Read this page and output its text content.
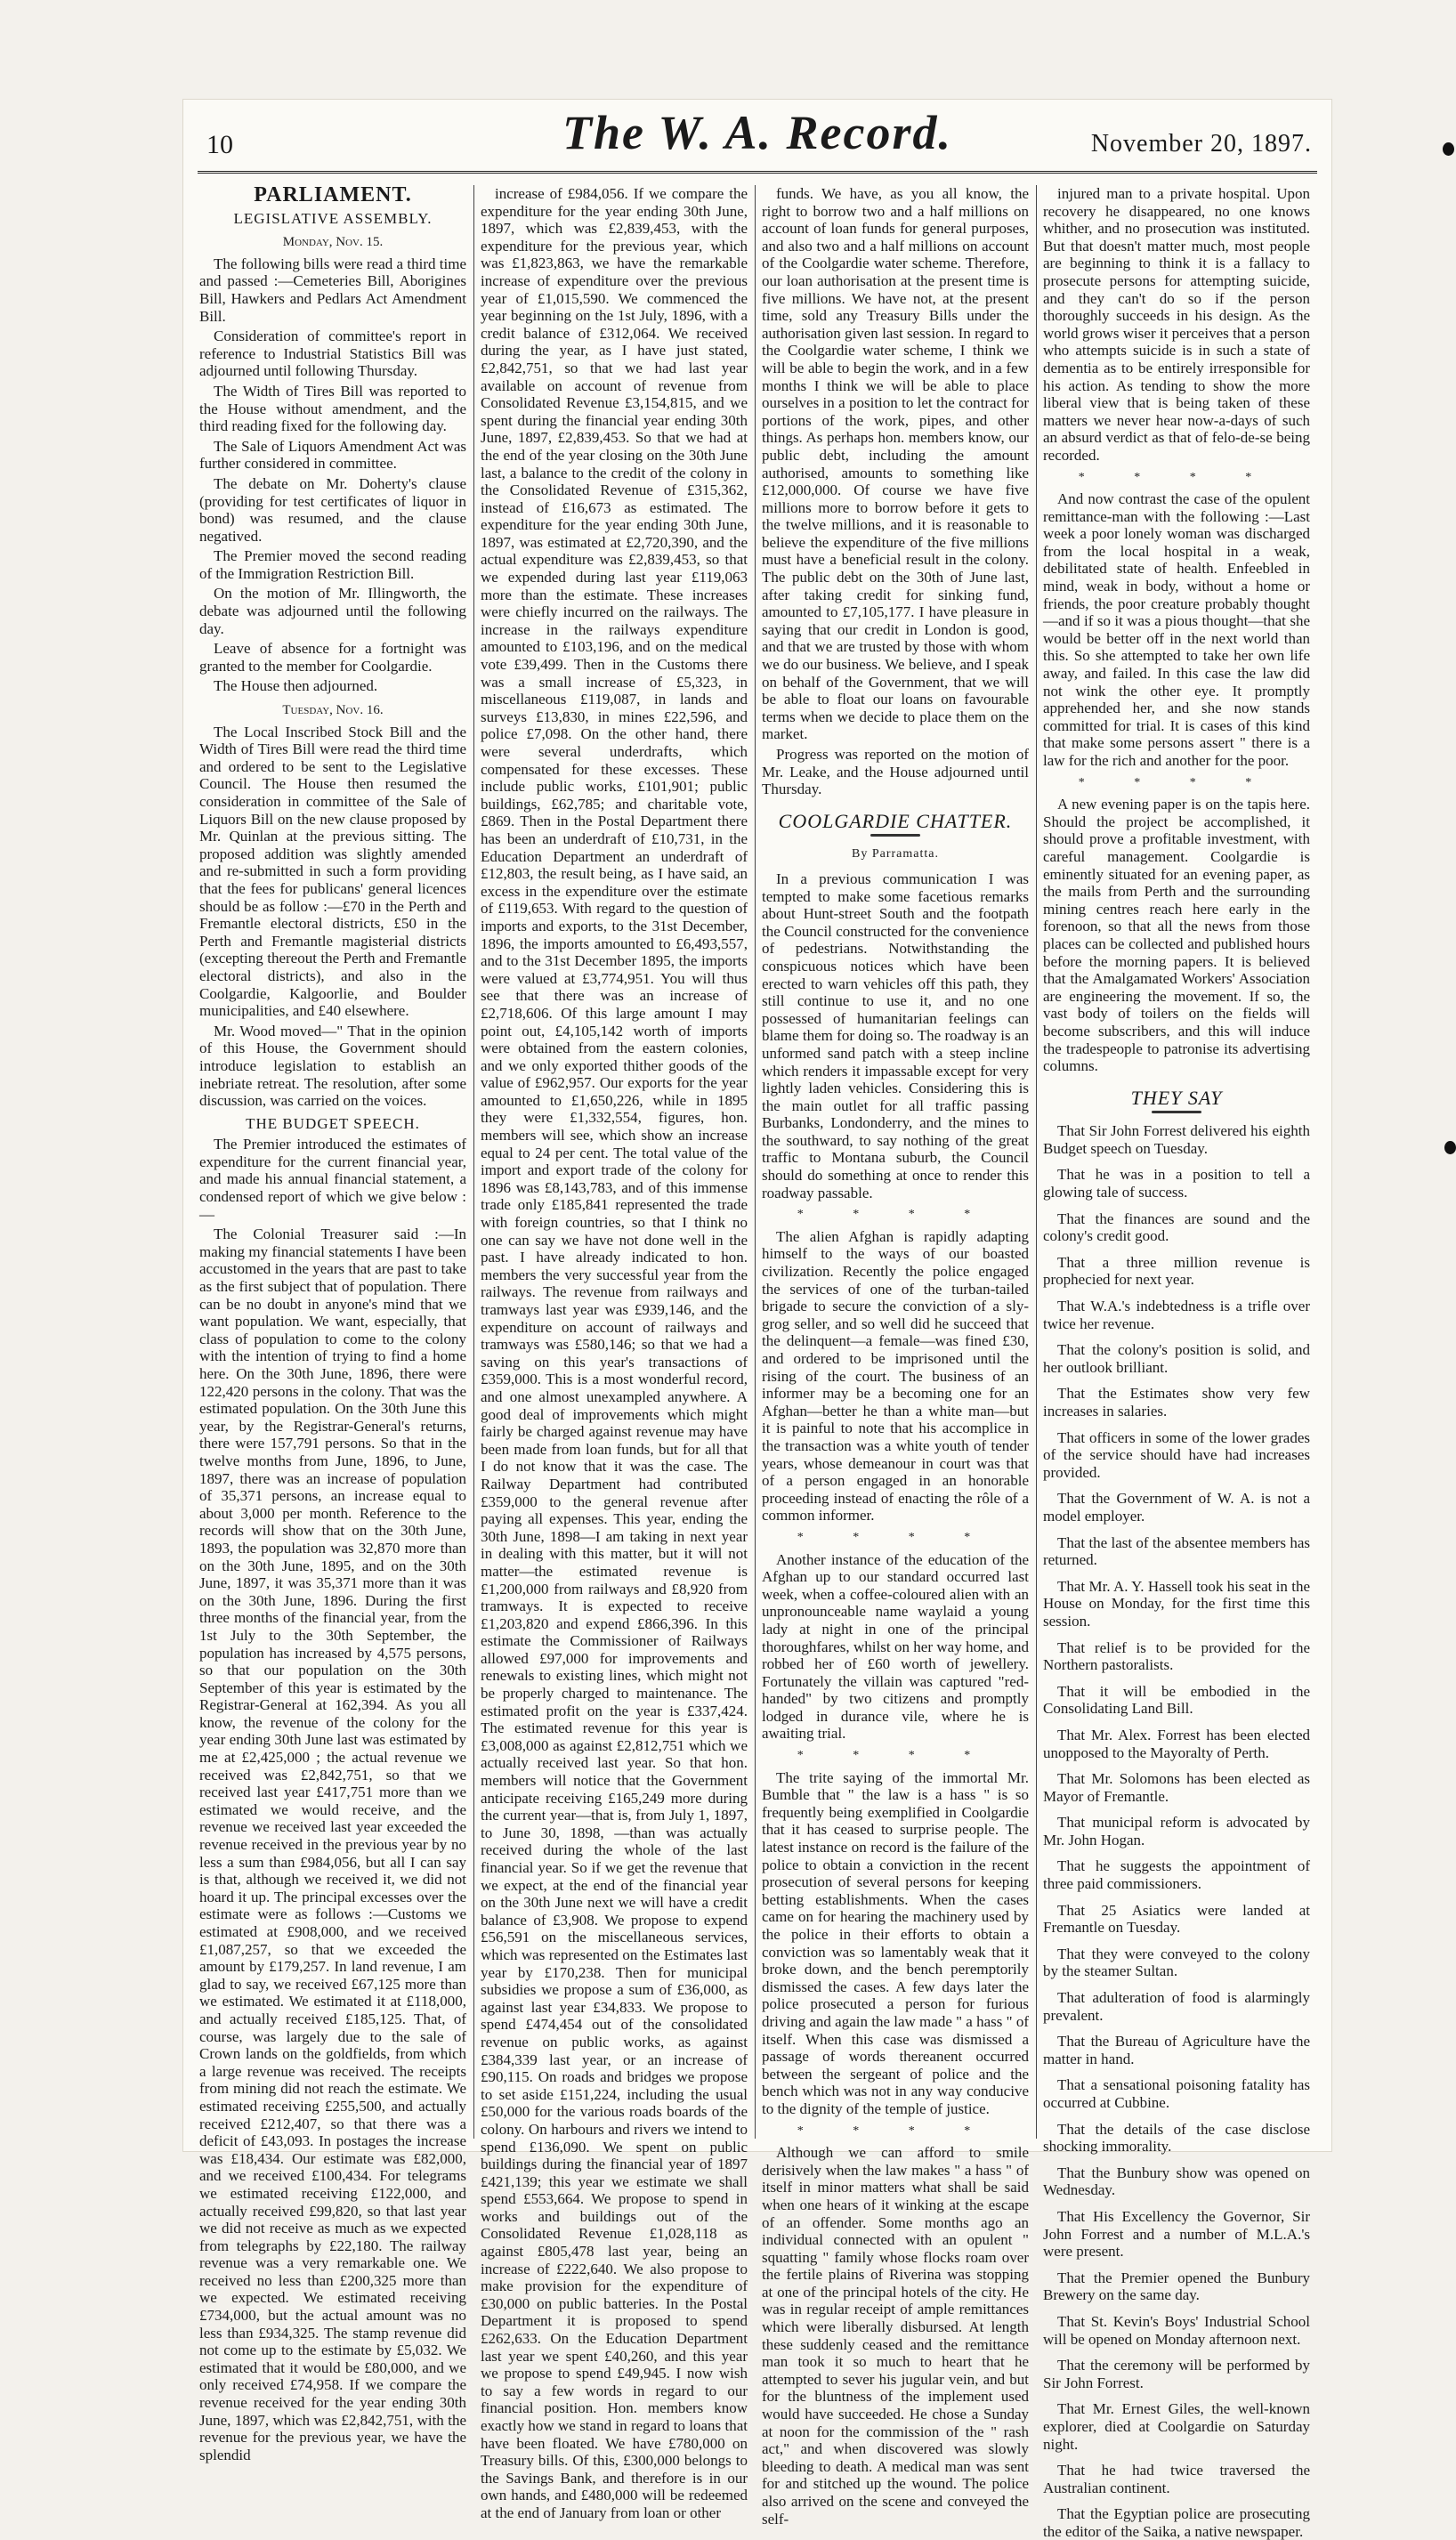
10	The W. A. Record.	November 20, 1897.
PARLIAMENT.
LEGISLATIVE ASSEMBLY.
Monday, Nov. 15.

The following bills were read a third time and passed :—Cemeteries Bill, Aborigines Bill, Hawkers and Pedlars Act Amendment Bill.

Consideration of committee's report in reference to Industrial Statistics Bill was adjourned until following Thursday.

The Width of Tires Bill was reported to the House without amendment, and the third reading fixed for the following day.

The Sale of Liquors Amendment Act was further considered in committee.

The debate on Mr. Doherty's clause (providing for test certificates of liquor in bond) was resumed, and the clause negatived.

The Premier moved the second reading of the Immigration Restriction Bill.

On the motion of Mr. Illingworth, the debate was adjourned until the following day.

Leave of absence for a fortnight was granted to the member for Coolgardie.

The House then adjourned.

Tuesday, Nov. 16.

The Local Inscribed Stock Bill and the Width of Tires Bill were read the third time and ordered to be sent to the Legislative Council. The House then resumed the consideration in committee of the Sale of Liquors Bill on the new clause proposed by Mr. Quinlan at the previous sitting. The proposed addition was slightly amended and re-submitted in such a form providing that the fees for publicans' general licences should be as follow :—£70 in the Perth and Fremantle electoral districts, £50 in the Perth and Fremantle magisterial districts (excepting thereout the Perth and Fremantle electoral districts), and also in the Coolgardie, Kalgoorlie, and Boulder municipalities, and £40 elsewhere.

Mr. Wood moved—" That in the opinion of this House, the Government should introduce legislation to establish an inebriate retreat. The resolution, after some discussion, was carried on the voices.

THE BUDGET SPEECH.

The Premier introduced the estimates of expenditure for the current financial year, and made his annual financial statement, a condensed report of which we give below :—

The Colonial Treasurer said :—In making my financial statements I have been accustomed in the years that are past to take as the first subject that of population. There can be no doubt in anyone's mind that we want population. We want, especially, that class of population to come to the colony with the intention of trying to find a home here. On the 30th June, 1896, there were 122,420 persons in the colony. That was the estimated population. On the 30th June this year, by the Registrar-General's returns, there were 157,791 persons. So that in the twelve months from June, 1896, to June, 1897, there was an increase of population of 35,371 persons, an increase equal to about 3,000 per month. Reference to the records will show that on the 30th June, 1893, the population was 32,870 more than on the 30th June, 1895, and on the 30th June, 1897, it was 35,371 more than it was on the 30th June, 1896. During the first three months of the financial year, from the 1st July to the 30th September, the population has increased by 4,575 persons, so that our population on the 30th September of this year is estimated by the Registrar-General at 162,394. As you all know, the revenue of the colony for the year ending 30th June last was estimated by me at £2,425,000 ; the actual revenue we received was £2,842,751, so that we received last year £417,751 more than we estimated we would receive, and the revenue we received last year exceeded the revenue received in the previous year by no less a sum than £984,056, but all I can say is that, although we received it, we did not hoard it up. The principal excesses over the estimate were as follows :—Customs we estimated at £908,000, and we received £1,087,257, so that we exceeded the amount by £179,257. In land revenue, I am glad to say, we received £67,125 more than we estimated. We estimated it at £118,000, and actually received £185,125. That, of course, was largely due to the sale of Crown lands on the goldfields, from which a large revenue was received. The receipts from mining did not reach the estimate. We estimated receiving £255,500, and actually received £212,407, so that there was a deficit of £43,093. In postages the increase was £18,434. Our estimate was £82,000, and we received £100,434. For telegrams we estimated receiving £122,000, and actually received £99,820, so that last year we did not receive as much as we expected from telegraphs by £22,180. The railway revenue was a very remarkable one. We received no less than £200,325 more than we expected. We estimated receiving £734,000, but the actual amount was no less than £934,325. The stamp revenue did not come up to the estimate by £5,032. We estimated that it would be £80,000, and we only received £74,958. If we compare the revenue received for the year ending 30th June, 1897, which was £2,842,751, with the revenue for the previous year, we have the splendid

increase of £984,056. If we compare the expenditure for the year ending 30th June, 1897, which was £2,839,453, with the expenditure for the previous year, which was £1,823,863, we have the remarkable increase of expenditure over the previous year of £1,015,590. We commenced the year beginning on the 1st July, 1896, with a credit balance of £312,064. We received during the year, as I have just stated, £2,842,751, so that we had last year available on account of revenue from Consolidated Revenue £3,154,815, and we spent during the financial year ending 30th June, 1897, £2,839,453. So that we had at the end of the year closing on the 30th June last, a balance to the credit of the colony in the Consolidated Revenue of £315,362, instead of £16,673 as estimated. The expenditure for the year ending 30th June, 1897, was estimated at £2,720,390, and the actual expenditure was £2,839,453, so that we expended during last year £119,063 more than the estimate. These increases were chiefly incurred on the railways. The increase in the railways expenditure amounted to £103,196, and on the medical vote £39,499. Then in the Customs there was a small increase of £5,323, in miscellaneous £119,087, in lands and surveys £13,830, in mines £22,596, and police £7,098. On the other hand, there were several underdrafts, which compensated for these excesses. These include public works, £101,901; public buildings, £62,785; and charitable vote, £869. Then in the Postal Department there has been an underdraft of £10,731, in the Education Department an underdraft of £12,803, the result being, as I have said, an excess in the expenditure over the estimate of £119,653. With regard to the question of imports and exports, to the 31st December, 1896, the imports amounted to £6,493,557, and to the 31st December 1895, the imports were valued at £3,774,951. You will thus see that there was an increase of £2,718,606. Of this large amount I may point out, £4,105,142 worth of imports were obtained from the eastern colonies, and we only exported thither goods of the value of £962,957. Our exports for the year amounted to £1,650,226, while in 1895 they were £1,332,554, figures, hon. members will see, which show an increase equal to 24 per cent. The total value of the import and export trade of the colony for 1896 was £8,143,783, and of this immense trade only £185,841 represented the trade with foreign countries, so that I think no one can say we have not done well in the past. I have already indicated to hon. members the very successful year from the railways. The revenue from railways and tramways last year was £939,146, and the expenditure on account of railways and tramways was £580,146; so that we had a saving on this year's transactions of £359,000. This is a most wonderful record, and one almost unexampled anywhere. A good deal of improvements which might fairly be charged against revenue may have been made from loan funds, but for all that I do not know that it was the case. The Railway Department had contributed £359,000 to the general revenue after paying all expenses. This year, ending the 30th June, 1898—I am taking in next year in dealing with this matter, but it will not matter—the estimated revenue is £1,200,000 from railways and £8,920 from tramways. It is expected to receive £1,203,820 and expend £866,396. In this estimate the Commissioner of Railways allowed £97,000 for improvements and renewals to existing lines, which might not be properly charged to maintenance. The estimated profit on the year is £337,424. The estimated revenue for this year is £3,008,000 as against £2,812,751 which we actually received last year. So that hon. members will notice that the Government anticipate receiving £165,249 more during the current year—that is, from July 1, 1897, to June 30, 1898, —than was actually received during the whole of the last financial year. So if we get the revenue that we expect, at the end of the financial year on the 30th June next we will have a credit balance of £3,908. We propose to expend £56,591 on the miscellaneous services, which was represented on the Estimates last year by £170,238. Then for municipal subsidies we propose a sum of £36,000, as against last year £34,833. We propose to spend £474,454 out of the consolidated revenue on public works, as against £384,339 last year, or an increase of £90,115. On roads and bridges we propose to set aside £151,224, including the usual £50,000 for the various roads boards of the colony. On harbours and rivers we intend to spend £136,090. We spent on public buildings during the financial year of 1897 £421,139; this year we estimate we shall spend £553,664. We propose to spend in works and buildings out of the Consolidated Revenue £1,028,118 as against £805,478 last year, being an increase of £222,640. We also propose to make provision for the expenditure of £30,000 on public batteries. In the Postal Department it is proposed to spend £262,633. On the Education Department last year we spent £40,260, and this year we propose to spend £49,945. I now wish to say a few words in regard to our financial position. Hon. members know exactly how we stand in regard to loans that have been floated. We have £780,000 on Treasury bills. Of this, £300,000 belongs to the Savings Bank, and therefore is in our own hands, and £480,000 will be redeemed at the end of January from loan or other

funds. We have, as you all know, the right to borrow two and a half millions on account of loan funds for general purposes, and also two and a half millions on account of the Coolgardie water scheme. Therefore, our loan authorisation at the present time is five millions. We have not, at the present time, sold any Treasury Bills under the authorisation given last session. In regard to the Coolgardie water scheme, I think we will be able to begin the work, and in a few months I think we will be able to place ourselves in a position to let the contract for portions of the work, pipes, and other things. As perhaps hon. members know, our public debt, including the amount authorised, amounts to something like £12,000,000. Of course we have five millions more to borrow before it gets to the twelve millions, and it is reasonable to believe the expenditure of the five millions must have a beneficial result in the colony. The public debt on the 30th of June last, after taking credit for sinking fund, amounted to £7,105,177. I have pleasure in saying that our credit in London is good, and that we are trusted by those with whom we do our business. We believe, and I speak on behalf of the Government, that we will be able to float our loans on favourable terms when we decide to place them on the market.

Progress was reported on the motion of Mr. Leake, and the House adjourned until Thursday.

COOLGARDIE CHATTER.
By Parramatta.

In a previous communication I was tempted to make some facetious remarks about Hunt-street South and the footpath the Council constructed for the convenience of pedestrians. Notwithstanding the conspicuous notices which have been erected to warn vehicles off this path, they still continue to use it, and no one possessed of humanitarian feelings can blame them for doing so. The roadway is an unformed sand patch with a steep incline which renders it impassable except for very lightly laden vehicles. Considering this is the main outlet for all traffic passing Burbanks, Londonderry, and the mines to the southward, to say nothing of the great traffic to Montana suburb, the Council should do something at once to render this roadway passable.

* * * *

The alien Afghan is rapidly adapting himself to the ways of our boasted civilization. Recently the police engaged the services of one of the turban-tailed brigade to secure the conviction of a sly-grog seller, and so well did he succeed that the delinquent—a female—was fined £30, and ordered to be imprisoned until the rising of the court. The business of an informer may be a becoming one for an Afghan—better he than a white man—but it is painful to note that his accomplice in the transaction was a white youth of tender years, whose demeanour in court was that of a person engaged in an honorable proceeding instead of enacting the rôle of a common informer.

* * * *

Another instance of the education of the Afghan up to our standard occurred last week, when a coffee-coloured alien with an unpronounceable name waylaid a young lady at night in one of the principal thoroughfares, whilst on her way home, and robbed her of £60 worth of jewellery. Fortunately the villain was captured "red-handed" by two citizens and promptly lodged in durance vile, where he is awaiting trial.

* * * *

The trite saying of the immortal Mr. Bumble that " the law is a hass " is so frequently being exemplified in Coolgardie that it has ceased to surprise people. The latest instance on record is the failure of the police to obtain a conviction in the recent prosecution of several persons for keeping betting establishments. When the cases came on for hearing the machinery used by the police in their efforts to obtain a conviction was so lamentably weak that it broke down, and the bench peremptorily dismissed the cases. A few days later the police prosecuted a person for furious driving and again the law made " a hass " of itself. When this case was dismissed a passage of words thereanent occurred between the sergeant of police and the bench which was not in any way conducive to the dignity of the temple of justice.

* * * *

Although we can afford to smile derisively when the law makes " a hass " of itself in minor matters what shall be said when one hears of it winking at the escape of an offender. Some months ago an individual connected with an opulent " squatting " family whose flocks roam over the fertile plains of Riverina was stopping at one of the principal hotels of the city. He was in regular receipt of ample remittances which were liberally disbursed. At length these suddenly ceased and the remittance man took it so much to heart that he attempted to sever his jugular vein, and but for the bluntness of the implement used would have succeeded. He chose a Sunday at noon for the commission of the " rash act," and when discovered was slowly bleeding to death. A medical man was sent for and stitched up the wound. The police also arrived on the scene and conveyed the self-

injured man to a private hospital. Upon recovery he disappeared, no one knows whither, and no prosecution was instituted. But that doesn't matter much, most people are beginning to think it is a fallacy to prosecute persons for attempting suicide, and they can't do so if the person thoroughly succeeds in his design. As the world grows wiser it perceives that a person who attempts suicide is in such a state of dementia as to be entirely irresponsible for his action. As tending to show the more liberal view that is being taken of these matters we never hear now-a-days of such an absurd verdict as that of felo-de-se being recorded.

* * * *

And now contrast the case of the opulent remittance-man with the following :—Last week a poor lonely woman was discharged from the local hospital in a weak, debilitated state of health. Enfeebled in mind, weak in body, without a home or friends, the poor creature probably thought—and if so it was a pious thought—that she would be better off in the next world than this. So she attempted to take her own life away, and failed. In this case the law did not wink the other eye. It promptly apprehended her, and she now stands committed for trial. It is cases of this kind that make some persons assert " there is a law for the rich and another for the poor.

* * * *

A new evening paper is on the tapis here. Should the project be accomplished, it should prove a profitable investment, with careful management. Coolgardie is eminently situated for an evening paper, as the mails from Perth and the surrounding mining centres reach here early in the forenoon, so that all the news from those places can be collected and published hours before the morning papers. It is believed that the Amalgamated Workers' Association are engineering the movement. If so, the vast body of toilers on the fields will become subscribers, and this will induce the tradespeople to patronise its advertising columns.

THEY SAY

That Sir John Forrest delivered his eighth Budget speech on Tuesday.

That he was in a position to tell a glowing tale of success.

That the finances are sound and the colony's credit good.

That a three million revenue is prophecied for next year.

That W.A.'s indebtedness is a trifle over twice her revenue.

That the colony's position is solid, and her outlook brilliant.

That the Estimates show very few increases in salaries.

That officers in some of the lower grades of the service should have had increases provided.

That the Government of W. A. is not a model employer.

That the last of the absentee members has returned.

That Mr. A. Y. Hassell took his seat in the House on Monday, for the first time this session.

That relief is to be provided for the Northern pastoralists.

That it will be embodied in the Consolidating Land Bill.

That Mr. Alex. Forrest has been elected unopposed to the Mayoralty of Perth.

That Mr. Solomons has been elected as Mayor of Fremantle.

That municipal reform is advocated by Mr. John Hogan.

That he suggests the appointment of three paid commissioners.

That 25 Asiatics were landed at Fremantle on Tuesday.

That they were conveyed to the colony by the steamer Sultan.

That adulteration of food is alarmingly prevalent.

That the Bureau of Agriculture have the matter in hand.

That a sensational poisoning fatality has occurred at Cubbine.

That the details of the case disclose shocking immorality.

That the Bunbury show was opened on Wednesday.

That His Excellency the Governor, Sir John Forrest and a number of M.L.A.'s were present.

That the Premier opened the Bunbury Brewery on the same day.

That St. Kevin's Boys' Industrial School will be opened on Monday afternoon next.

That the ceremony will be performed by Sir John Forrest.

That Mr. Ernest Giles, the well-known explorer, died at Coolgardie on Saturday night.

That he had twice traversed the Australian continent.

That the Egyptian police are prosecuting the editor of the Saika, a native newspaper.
